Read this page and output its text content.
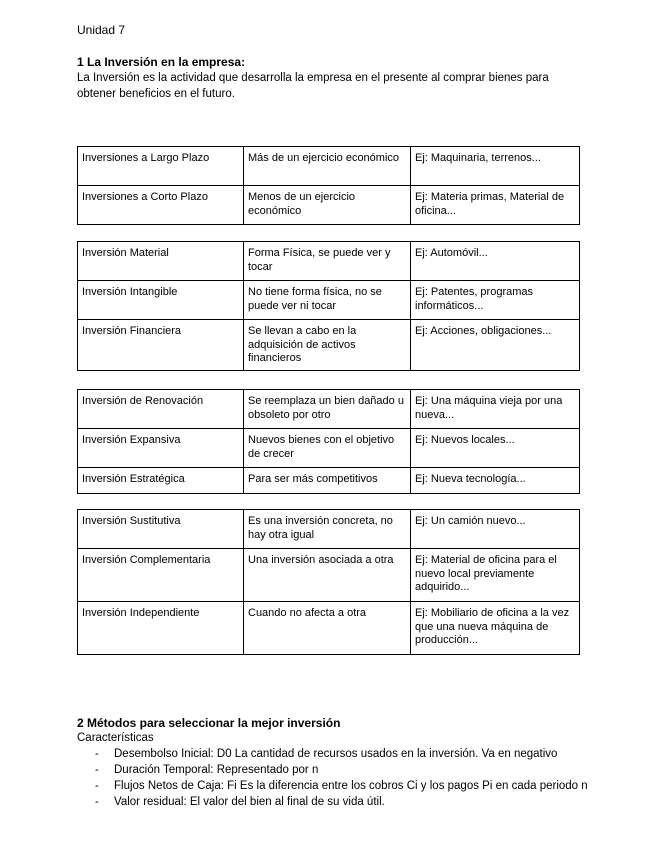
Unidad 7
1 La Inversión en la empresa:
La Inversión es la actividad que desarrolla la empresa en el presente al comprar bienes para obtener beneficios en el futuro.
Inversiones a Largo Plazo	Más de un ejercicio económico	Ej: Maquinaria, terrenos...
Inversiones a Corto Plazo	Menos de un ejercicio económico	Ej: Materia primas, Material de oficina...
Inversión Material	Forma Física, se puede ver y tocar	Ej: Automóvil...
Inversión Intangible	No tiene forma física, no se puede ver ni tocar	Ej: Patentes, programas informáticos...
Inversión Financiera	Se llevan a cabo en la adquisición de activos financieros	Ej: Acciones, obligaciones...
Inversión de Renovación	Se reemplaza un bien dañado u obsoleto por otro	Ej: Una máquina vieja por una nueva...
Inversión Expansiva	Nuevos bienes con el objetivo de crecer	Ej: Nuevos locales...
Inversión Estratégica	Para ser más competitivos	Ej: Nueva tecnología...
Inversión Sustitutiva	Es una inversión concreta, no hay otra igual	Ej: Un camión nuevo...
Inversión Complementaria	Una inversión asociada a otra	Ej: Material de oficina para el nuevo local previamente adquirido...
Inversión Independiente	Cuando no afecta a otra	Ej: Mobiliario de oficina a la vez que una nueva máquina de producción...
2 Métodos para seleccionar la mejor inversión
Características
- Desembolso Inicial: D0 La cantidad de recursos usados en la inversión. Va en negativo
- Duración Temporal: Representado por n
- Flujos Netos de Caja: Fi Es la diferencia entre los cobros Ci y los pagos Pi en cada periodo n
- Valor residual: El valor del bien al final de su vida útil.
